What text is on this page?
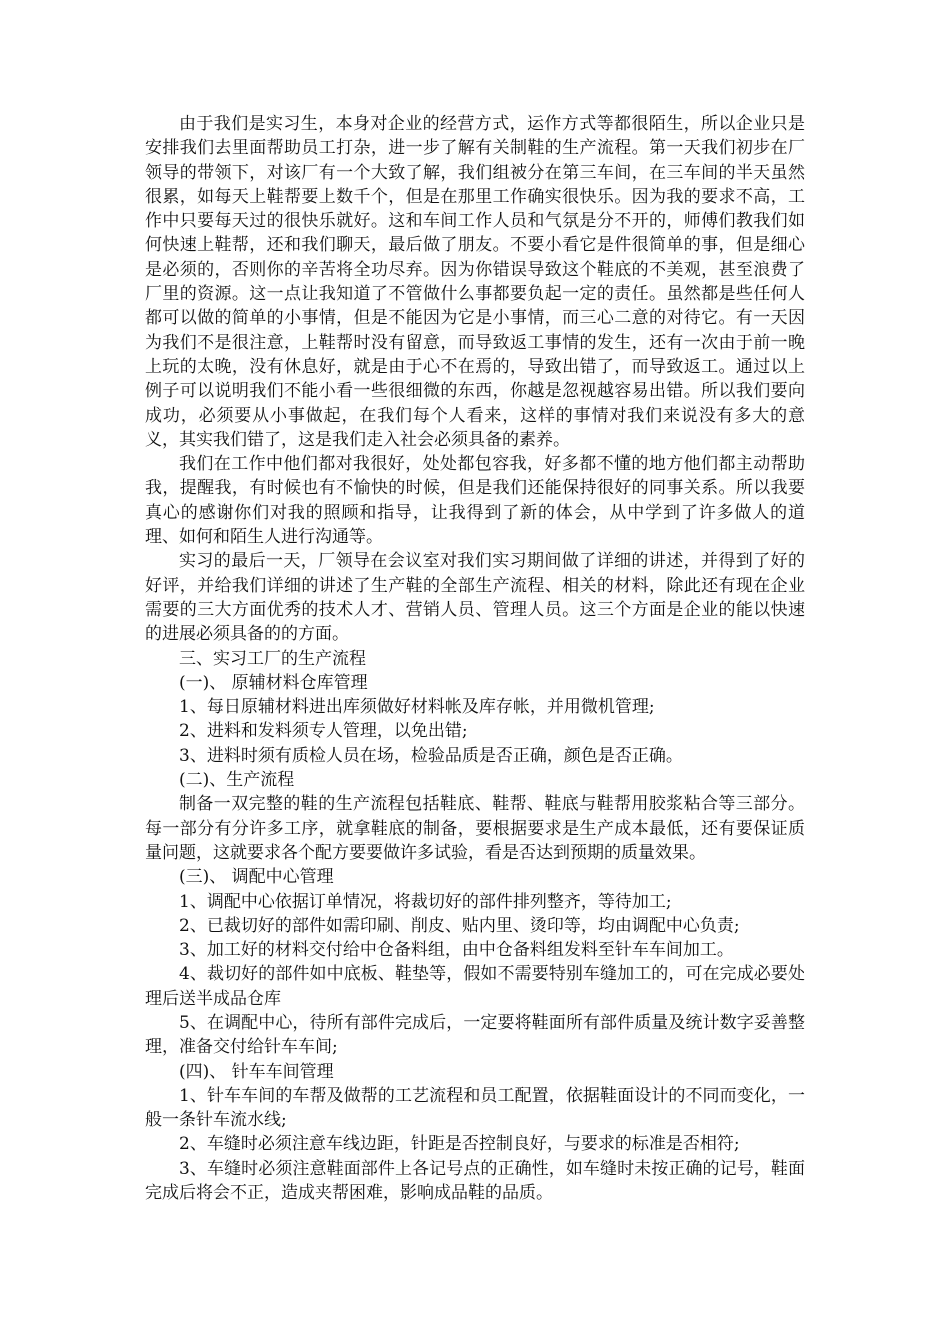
由于我们是实习生，本身对企业的经营方式，运作方式等都很陌生，所以企业只是安排我们去里面帮助员工打杂，进一步了解有关制鞋的生产流程。第一天我们初步在厂领导的带领下，对该厂有一个大致了解，我们组被分在第三车间，在三车间的半天虽然很累，如每天上鞋帮要上数千个，但是在那里工作确实很快乐。因为我的要求不高，工作中只要每天过的很快乐就好。这和车间工作人员和气氛是分不开的，师傅们教我们如何快速上鞋帮，还和我们聊天，最后做了朋友。不要小看它是件很简单的事，但是细心是必须的，否则你的辛苦将全功尽弃。因为你错误导致这个鞋底的不美观，甚至浪费了厂里的资源。这一点让我知道了不管做什么事都要负起一定的责任。虽然都是些任何人都可以做的简单的小事情，但是不能因为它是小事情，而三心二意的对待它。有一天因为我们不是很注意，上鞋帮时没有留意，而导致返工事情的发生，还有一次由于前一晚上玩的太晚，没有休息好，就是由于心不在焉的，导致出错了，而导致返工。通过以上例子可以说明我们不能小看一些很细微的东西，你越是忽视越容易出错。所以我们要向成功，必须要从小事做起，在我们每个人看来，这样的事情对我们来说没有多大的意义，其实我们错了，这是我们走入社会必须具备的素养。

我们在工作中他们都对我很好，处处都包容我，好多都不懂的地方他们都主动帮助我，提醒我，有时候也有不愉快的时候，但是我们还能保持很好的同事关系。所以我要真心的感谢你们对我的照顾和指导，让我得到了新的体会，从中学到了许多做人的道理、如何和陌生人进行沟通等。

实习的最后一天，厂领导在会议室对我们实习期间做了详细的讲述，并得到了好的好评，并给我们详细的讲述了生产鞋的全部生产流程、相关的材料，除此还有现在企业需要的三大方面优秀的技术人才、营销人员、管理人员。这三个方面是企业的能以快速的进展必须具备的的方面。

三、实习工厂的生产流程

(一)、 原辅材料仓库管理

1、每日原辅材料进出库须做好材料帐及库存帐，并用微机管理;

2、进料和发料须专人管理，以免出错;

3、进料时须有质检人员在场，检验品质是否正确，颜色是否正确。

(二)、生产流程

制备一双完整的鞋的生产流程包括鞋底、鞋帮、鞋底与鞋帮用胶浆粘合等三部分。每一部分有分许多工序，就拿鞋底的制备，要根据要求是生产成本最低，还有要保证质量问题，这就要求各个配方要要做许多试验，看是否达到预期的质量效果。

(三)、 调配中心管理

1、调配中心依据订单情况，将裁切好的部件排列整齐，等待加工;

2、已裁切好的部件如需印刷、削皮、贴内里、烫印等，均由调配中心负责;

3、加工好的材料交付给中仓备料组，由中仓备料组发料至针车车间加工。

4、裁切好的部件如中底板、鞋垫等，假如不需要特别车缝加工的，可在完成必要处理后送半成品仓库

5、在调配中心，待所有部件完成后，一定要将鞋面所有部件质量及统计数字妥善整理，准备交付给针车车间;

(四)、 针车车间管理

1、针车车间的车帮及做帮的工艺流程和员工配置，依据鞋面设计的不同而变化，一般一条针车流水线;

2、车缝时必须注意车线边距，针距是否控制良好，与要求的标准是否相符;

3、车缝时必须注意鞋面部件上各记号点的正确性，如车缝时未按正确的记号，鞋面完成后将会不正，造成夹帮困难，影响成品鞋的品质。
